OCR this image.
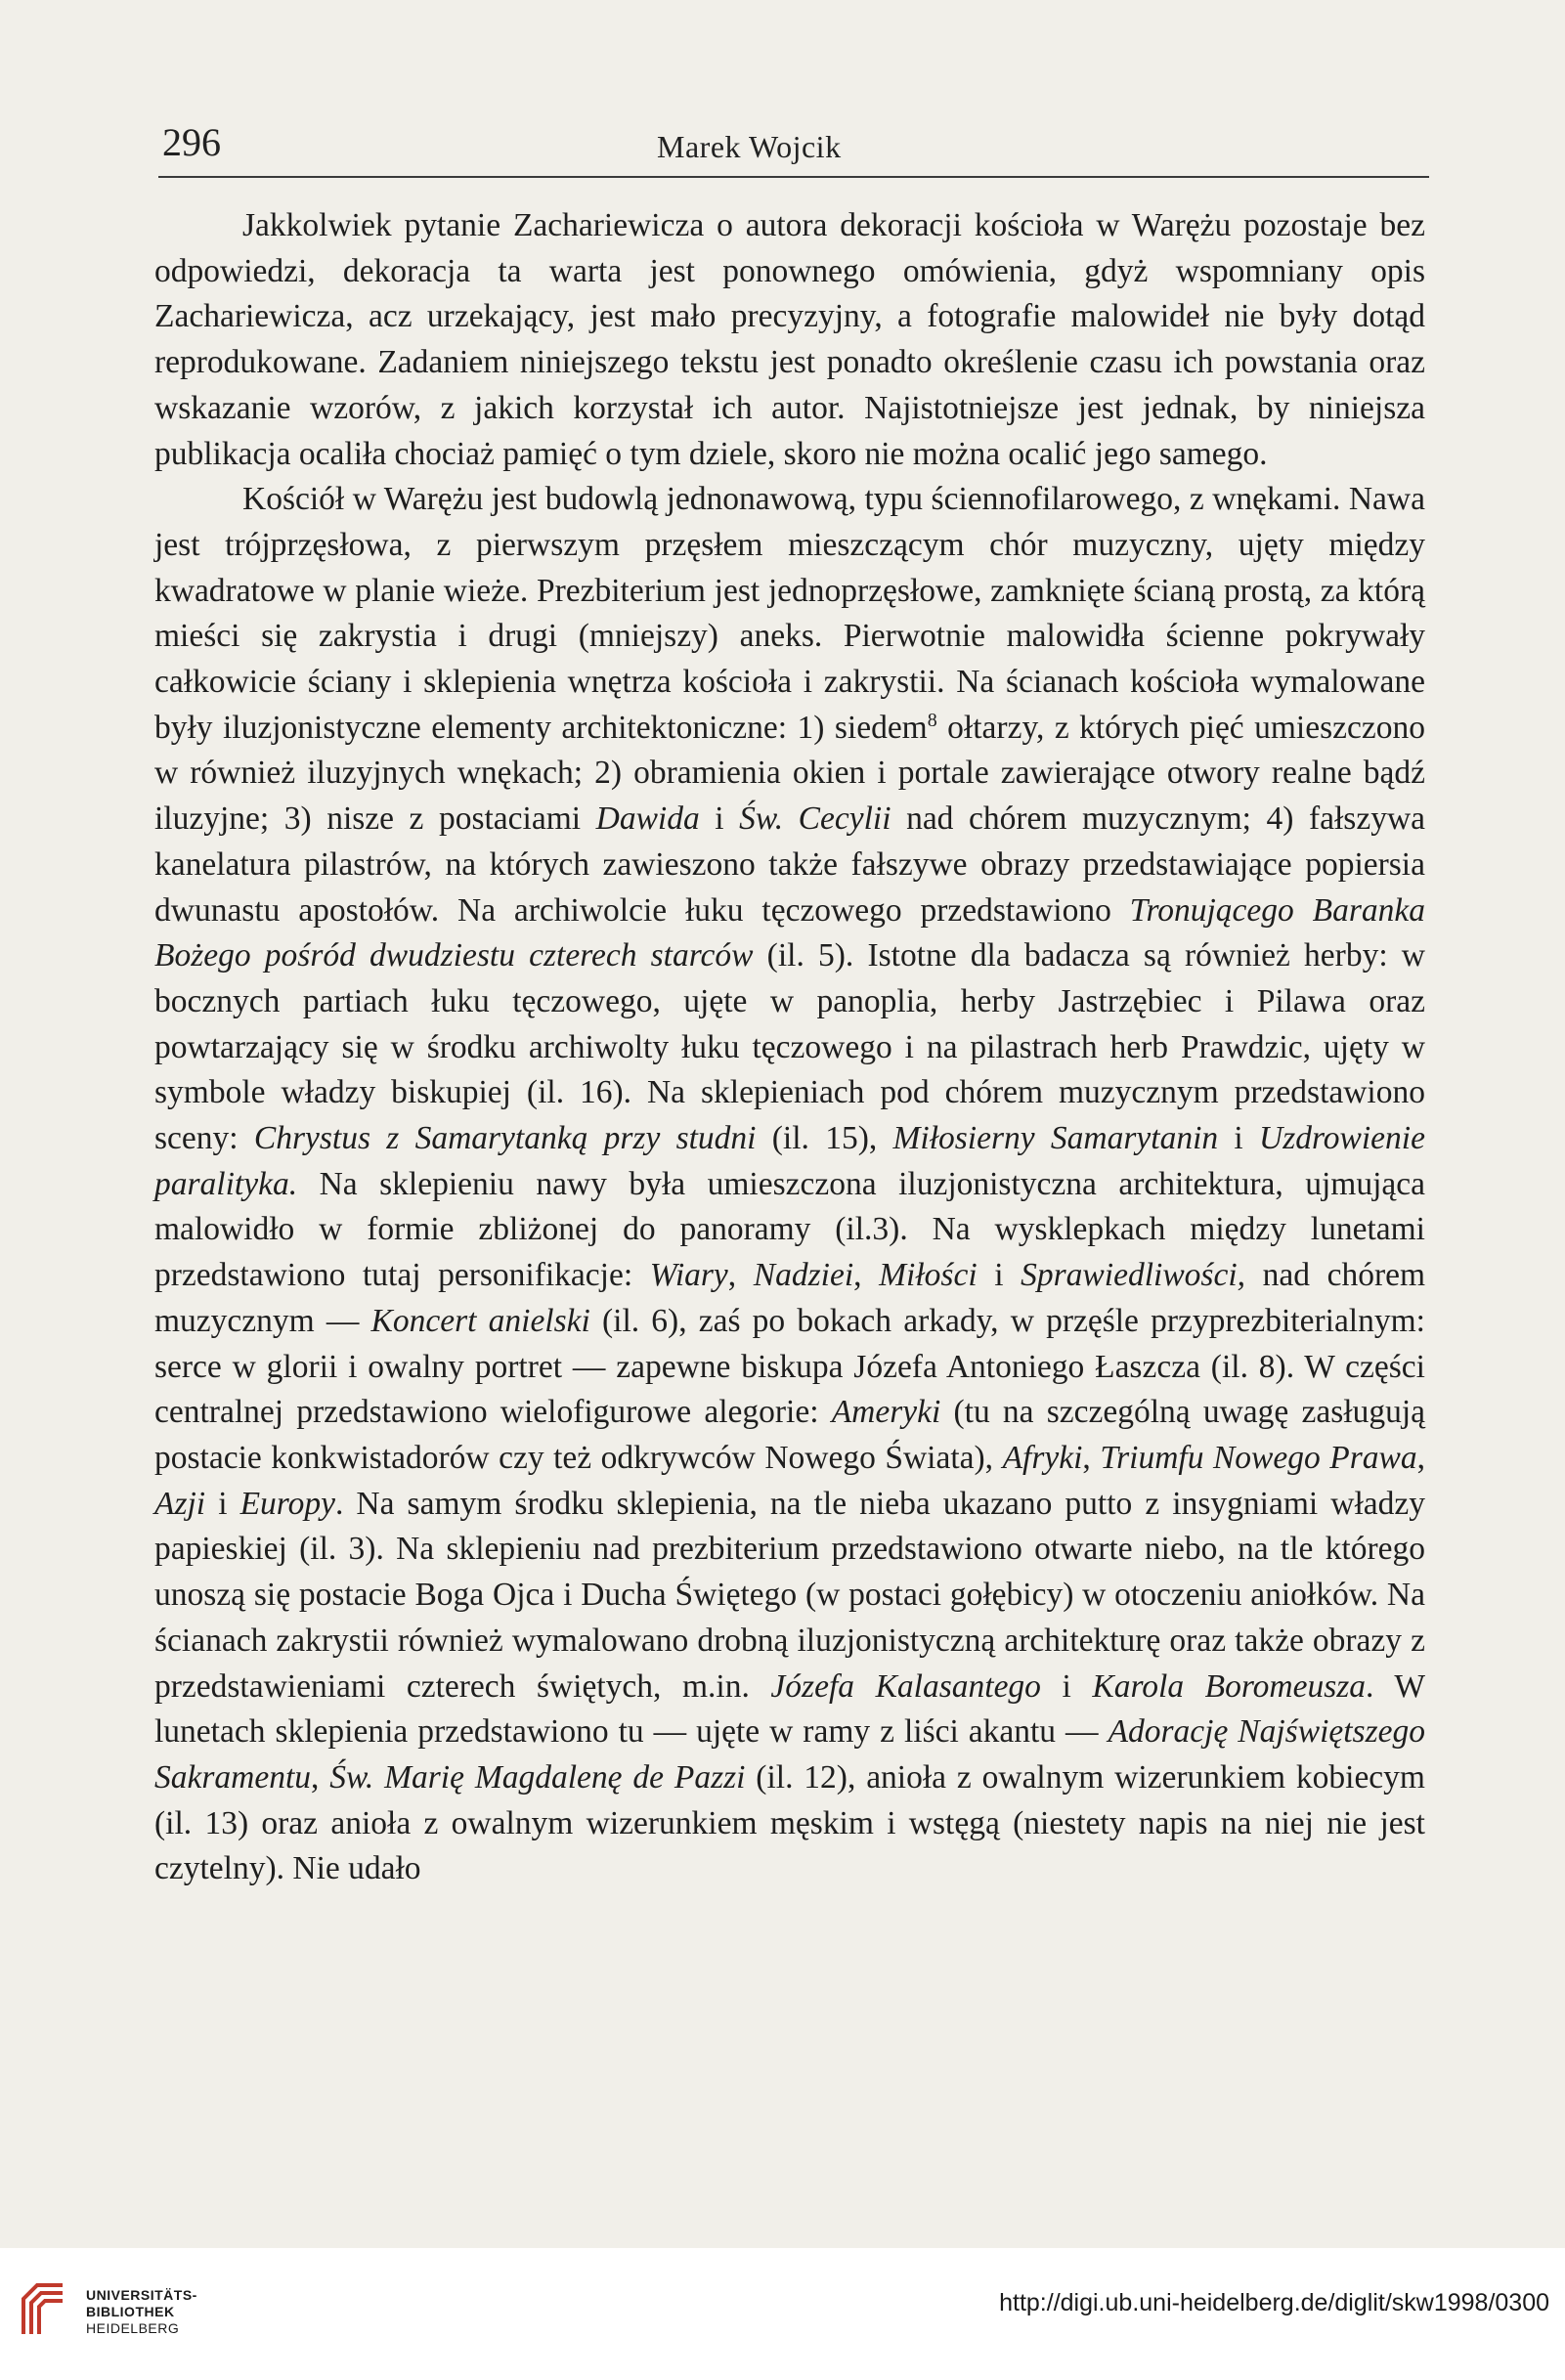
296	Marek Wojcik

Jakkolwiek pytanie Zachariewicza o autora dekoracji kościoła w Warężu pozostaje bez odpowiedzi, dekoracja ta warta jest ponownego omówienia, gdyż wspomniany opis Zachariewicza, acz urzekający, jest mało precyzyjny, a fotografie malowideł nie były dotąd reprodukowane. Zadaniem niniejszego tekstu jest ponadto określenie czasu ich powstania oraz wskazanie wzorów, z jakich korzystał ich autor. Najistotniejsze jest jednak, by niniejsza publikacja ocaliła chociaż pamięć o tym dziele, skoro nie można ocalić jego samego.

Kościół w Warężu jest budowlą jednonawową, typu ściennofilarowego, z wnękami. Nawa jest trójprzęsłowa, z pierwszym przęsłem mieszczącym chór muzyczny, ujęty między kwadratowe w planie wieże. Prezbiterium jest jednoprzęsłowe, zamknięte ścianą prostą, za którą mieści się zakrystia i drugi (mniejszy) aneks. Pierwotnie malowidła ścienne pokrywały całkowicie ściany i sklepienia wnętrza kościoła i zakrystii. Na ścianach kościoła wymalowane były iluzjonistyczne elementy architektoniczne: 1) siedem$^8$ ołtarzy, z których pięć umieszczono w również iluzyjnych wnękach; 2) obramienia okien i portale zawierające otwory realne bądź iluzyjne; 3) nisze z postaciami Dawida i Św. Cecylii nad chórem muzycznym; 4) fałszywa kanelatura pilastrów, na których zawieszono także fałszywe obrazy przedstawiające popiersia dwunastu apostołów. Na archiwolcie łuku tęczowego przedstawiono Tronującego Baranka Bożego pośród dwudziestu czterech starców (il. 5). Istotne dla badacza są również herby: w bocznych partiach łuku tęczowego, ujęte w panoplia, herby Jastrzębiec i Pilawa oraz powtarzający się w środku archiwolty łuku tęczowego i na pilastrach herb Prawdzic, ujęty w symbole władzy biskupiej (il. 16). Na sklepieniach pod chórem muzycznym przedstawiono sceny: Chrystus z Samarytanką przy studni (il. 15), Miłosierny Samarytanin i Uzdrowienie paralityka. Na sklepieniu nawy była umieszczona iluzjonistyczna architektura, ujmująca malowidło w formie zbliżonej do panoramy (il.3). Na wysklepkach między lunetami przedstawiono tutaj personifikacje: Wiary, Nadziei, Miłości i Sprawiedliwości, nad chórem muzycznym — Koncert anielski (il. 6), zaś po bokach arkady, w przęśle przyprezbiterialnym: serce w glorii i owalny portret — zapewne biskupa Józefa Antoniego Łaszcza (il. 8). W części centralnej przedstawiono wielofigurowe alegorie: Ameryki (tu na szczególną uwagę zasługują postacie konkwistadorów czy też odkrywców Nowego Świata), Afryki, Triumfu Nowego Prawa, Azji i Europy. Na samym środku sklepienia, na tle nieba ukazano putto z insygniami władzy papieskiej (il. 3). Na sklepieniu nad prezbiterium przedstawiono otwarte niebo, na tle którego unoszą się postacie Boga Ojca i Ducha Świętego (w postaci gołębicy) w otoczeniu aniołków. Na ścianach zakrystii również wymalowano drobną iluzjonistyczną architekturę oraz także obrazy z przedstawieniami czterech świętych, m.in. Józefa Kalasantego i Karola Boromeusza. W lunetach sklepienia przedstawiono tu — ujęte w ramy z liści akantu — Adorację Najświętszego Sakramentu, Św. Marię Magdalenę de Pazzi (il. 12), anioła z owalnym wizerunkiem kobiecym (il. 13) oraz anioła z owalnym wizerunkiem męskim i wstęgą (niestety napis na niej nie jest czytelny). Nie udało

UNIVERSITÄTS-
BIBLIOTHEK
HEIDELBERG
http://digi.ub.uni-heidelberg.de/diglit/skw1998/0300
